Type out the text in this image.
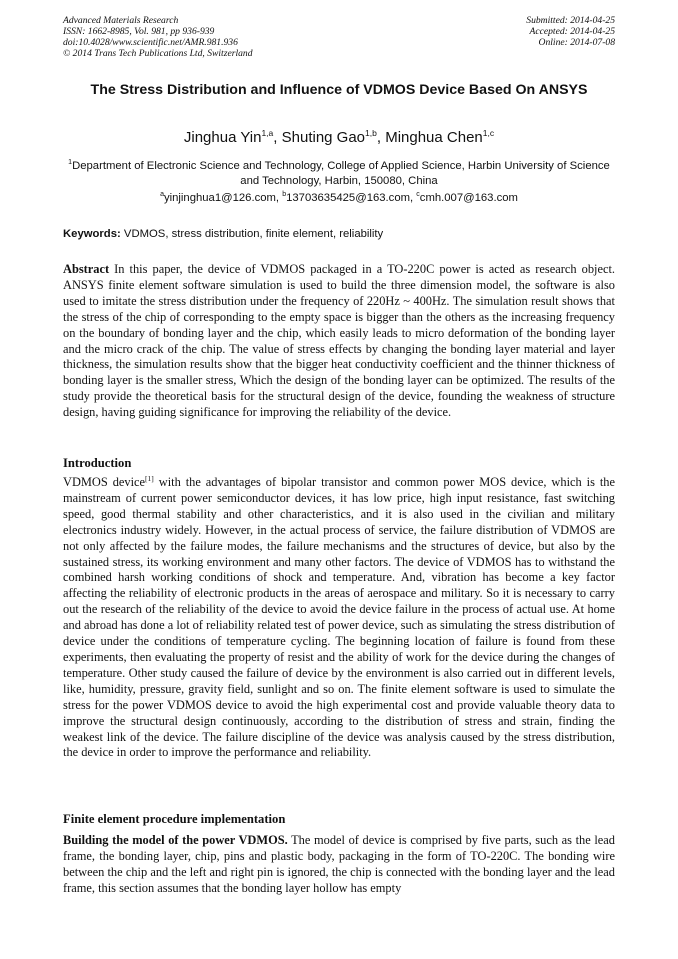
Advanced Materials Research
ISSN: 1662-8985, Vol. 981, pp 936-939
doi:10.4028/www.scientific.net/AMR.981.936
© 2014 Trans Tech Publications Ltd, Switzerland
Submitted: 2014-04-25
Accepted: 2014-04-25
Online: 2014-07-08
The Stress Distribution and Influence of VDMOS Device Based On ANSYS
Jinghua Yin$^{1,a}$, Shuting Gao$^{1,b}$, Minghua Chen$^{1,c}$
$^1$Department of Electronic Science and Technology, College of Applied Science, Harbin University of Science and Technology, Harbin, 150080, China
$^a$yinjinghua1@126.com, $^b$13703635425@163.com, $^c$cmh.007@163.com
Keywords: VDMOS, stress distribution, finite element, reliability
Abstract In this paper, the device of VDMOS packaged in a TO-220C power is acted as research object. ANSYS finite element software simulation is used to build the three dimension model, the software is also used to imitate the stress distribution under the frequency of 220Hz ~ 400Hz. The simulation result shows that the stress of the chip of corresponding to the empty space is bigger than the others as the increasing frequency on the boundary of bonding layer and the chip, which easily leads to micro deformation of the bonding layer and the micro crack of the chip. The value of stress effects by changing the bonding layer material and layer thickness, the simulation results show that the bigger heat conductivity coefficient and the thinner thickness of bonding layer is the smaller stress, Which the design of the bonding layer can be optimized. The results of the study provide the theoretical basis for the structural design of the device, founding the weakness of structure design, having guiding significance for improving the reliability of the device.
Introduction
VDMOS device[1] with the advantages of bipolar transistor and common power MOS device, which is the mainstream of current power semiconductor devices, it has low price, high input resistance, fast switching speed, good thermal stability and other characteristics, and it is also used in the civilian and military electronics industry widely. However, in the actual process of service, the failure distribution of VDMOS are not only affected by the failure modes, the failure mechanisms and the structures of device, but also by the sustained stress, its working environment and many other factors. The device of VDMOS has to withstand the combined harsh working conditions of shock and temperature. And, vibration has become a key factor affecting the reliability of electronic products in the areas of aerospace and military. So it is necessary to carry out the research of the reliability of the device to avoid the device failure in the process of actual use. At home and abroad has done a lot of reliability related test of power device, such as simulating the stress distribution of device under the conditions of temperature cycling. The beginning location of failure is found from these experiments, then evaluating the property of resist and the ability of work for the device during the changes of temperature. Other study caused the failure of device by the environment is also carried out in different levels, like, humidity, pressure, gravity field, sunlight and so on. The finite element software is used to simulate the stress for the power VDMOS device to avoid the high experimental cost and provide valuable theory data to improve the structural design continuously, according to the distribution of stress and strain, finding the weakest link of the device. The failure discipline of the device was analysis caused by the stress distribution, the device in order to improve the performance and reliability.
Finite element procedure implementation
Building the model of the power VDMOS. The model of device is comprised by five parts, such as the lead frame, the bonding layer, chip, pins and plastic body, packaging in the form of TO-220C. The bonding wire between the chip and the left and right pin is ignored, the chip is connected with the bonding layer and the lead frame, this section assumes that the bonding layer hollow has empty
